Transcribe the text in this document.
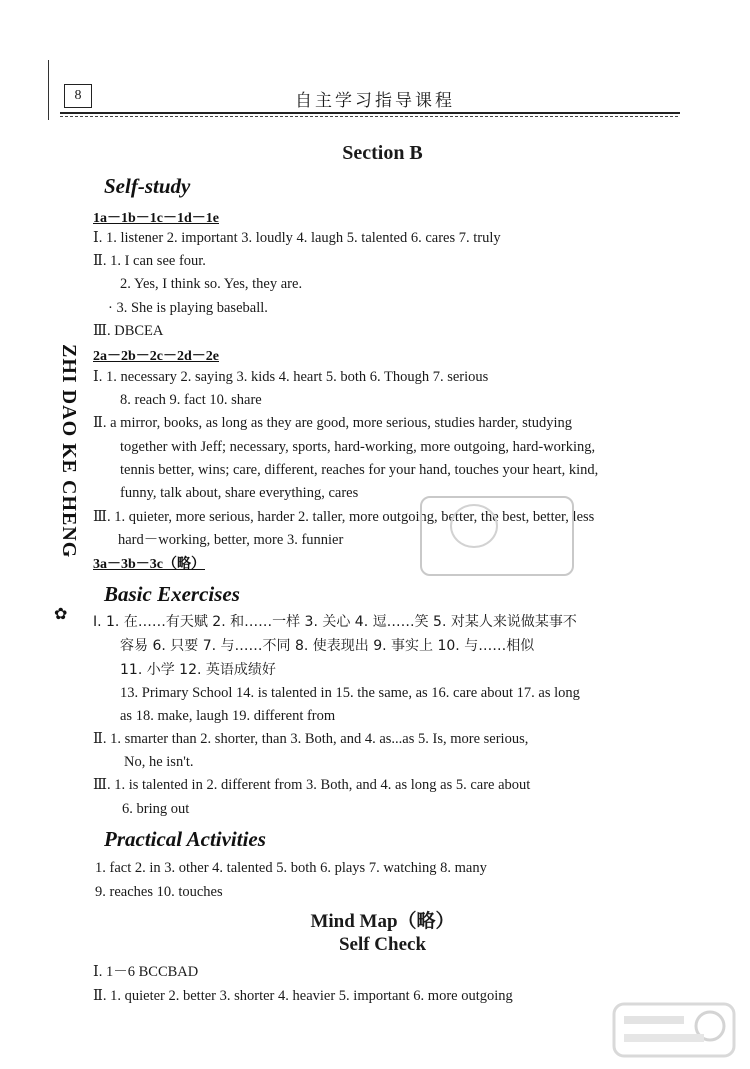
8	自主学习指导课程
ZHI DAO KE CHENG
✿
Section B
Self-study
1a－1b－1c－1d－1e
Ⅰ. 1. listener 2. important 3. loudly 4. laugh 5. talented 6. cares 7. truly
Ⅱ. 1. I can see four.
2. Yes, I think so. Yes, they are.
· 3. She is playing baseball.
Ⅲ. DBCEA
2a－2b－2c－2d－2e
Ⅰ. 1. necessary 2. saying 3. kids 4. heart 5. both 6. Though 7. serious
8. reach 9. fact 10. share
Ⅱ. a mirror, books, as long as they are good, more serious, studies harder, studying
together with Jeff; necessary, sports, hard-working, more outgoing, hard-working,
tennis better, wins; care, different, reaches for your hand, touches your heart, kind,
funny, talk about, share everything, cares
Ⅲ. 1. quieter, more serious, harder 2. taller, more outgoing, better, the best, better, less
hard－working, better, more 3. funnier
3a－3b－3c（略）
Basic Exercises
Ⅰ. 1. 在……有天赋 2. 和……一样 3. 关心 4. 逗……笑 5. 对某人来说做某事不
容易 6. 只要 7. 与……不同 8. 使表现出 9. 事实上 10. 与……相似
11. 小学 12. 英语成绩好
13. Primary School 14. is talented in 15. the same, as 16. care about 17. as long
as 18. make, laugh 19. different from
Ⅱ. 1. smarter than 2. shorter, than 3. Both, and 4. as...as 5. Is, more serious,
No, he isn't.
Ⅲ. 1. is talented in 2. different from 3. Both, and 4. as long as 5. care about
6. bring out
Practical Activities
1. fact 2. in 3. other 4. talented 5. both 6. plays 7. watching 8. many
9. reaches 10. touches
Mind Map（略）
Self Check
Ⅰ. 1－6 BCCBAD
Ⅱ. 1. quieter 2. better 3. shorter 4. heavier 5. important 6. more outgoing
